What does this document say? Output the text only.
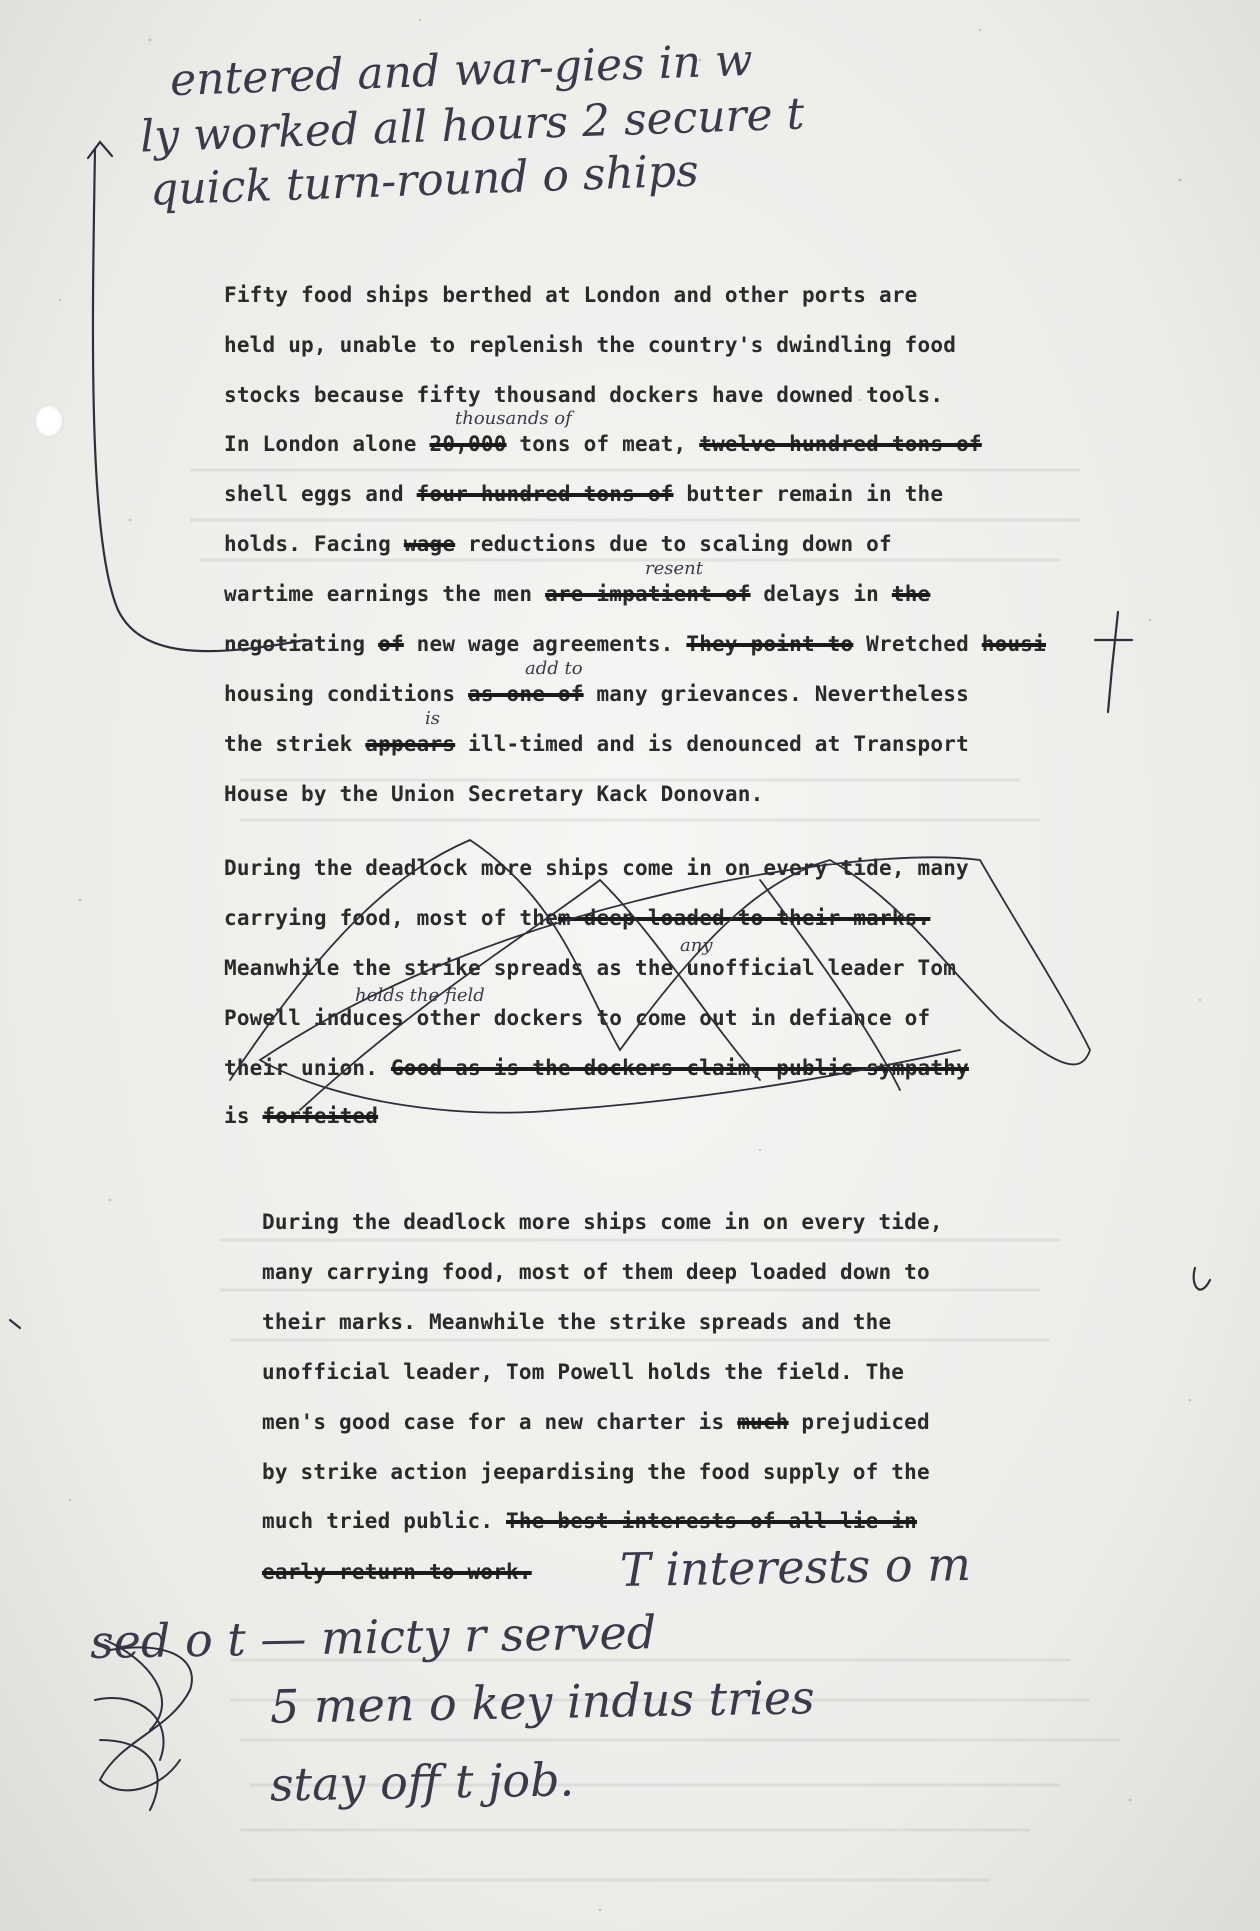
entered and war-gies in w
ly worked all hours 2 secure t
quick turn-round o ships
Fifty food ships berthed at London and other ports are
held up, unable to replenish the country's dwindling food
stocks because fifty thousand dockers have downed tools.
In London alone 20,000 tons of meat, twelve hundred tons of
shell eggs and four hundred tons of butter remain in the
holds. Facing wage reductions due to scaling down of
wartime earnings the men are impatient of delays in the
negotiating of new wage agreements. They point to Wretched housi
housing conditions as one of many grievances. Nevertheless
the striek appears ill-timed and is denounced at Transport
House by the Union Secretary Kack Donovan.
thousands of
resent
add to
is
any
holds the field
During the deadlock more ships come in on every tide, many
carrying food, most of them deep loaded to their marks.
Meanwhile the strike spreads as the unofficial leader Tom
Powell induces other dockers to come out in defiance of
their union. Good as is the dockers claim, public sympathy
is forfeited
During the deadlock more ships come in on every tide,
many carrying food, most of them deep loaded down to
their marks. Meanwhile the strike spreads and the
unofficial leader, Tom Powell holds the field. The
men's good case for a new charter is much prejudiced
by strike action jeepardising the food supply of the
much tried public. The best interests of all lie in
early return to work. T interests o m
sed o t — micty r served
5 men o key indus tries
stay off t job.
